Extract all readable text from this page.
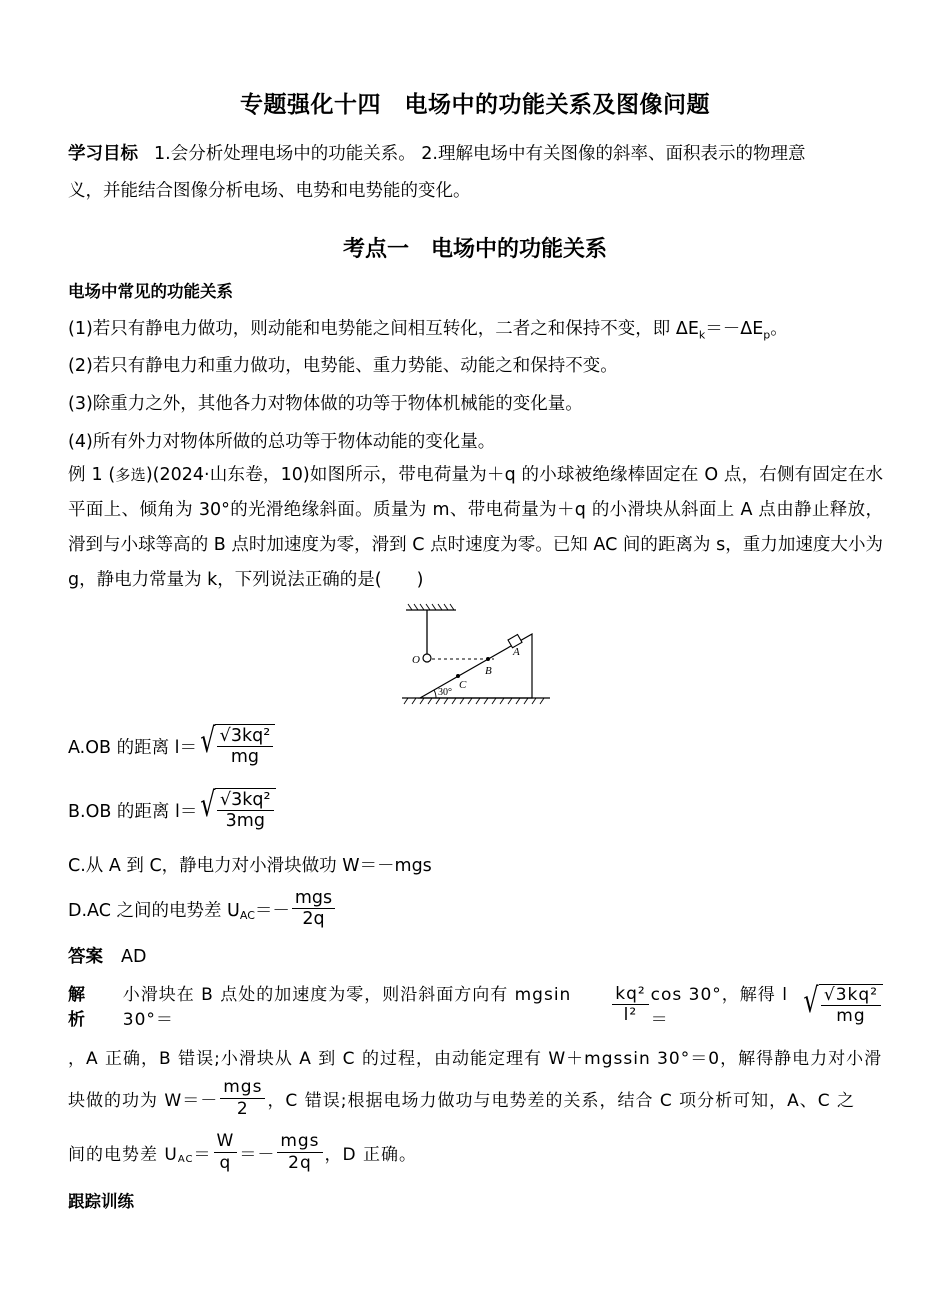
专题强化十四　电场中的功能关系及图像问题
学习目标 1.会分析处理电场中的功能关系。 2.理解电场中有关图像的斜率、面积表示的物理意
义，并能结合图像分析电场、电势和电势能的变化。
考点一　电场中的功能关系
电场中常见的功能关系
(1)若只有静电力做功，则动能和电势能之间相互转化，二者之和保持不变，即 $\Delta E_k=-\Delta E_p$。
(2)若只有静电力和重力做功，电势能、重力势能、动能之和保持不变。
(3)除重力之外，其他各力对物体做的功等于物体机械能的变化量。
(4)所有外力对物体所做的总功等于物体动能的变化量。
例 1 (多选)(2024·山东卷，10)如图所示，带电荷量为＋q 的小球被绝缘棒固定在 O 点，右侧有固定在水平面上、倾角为 30°的光滑绝缘斜面。质量为 m、带电荷量为＋q 的小滑块从斜面上 A 点由静止释放，滑到与小球等高的 B 点时加速度为零，滑到 C 点时速度为零。已知 AC 间的距离为 s，重力加速度大小为 g，静电力常量为 k，下列说法正确的是(　　)
O
A
B
C
30°
A.OB 的距离 l＝ √ $\frac{\text{√3kq²}}{mg}$
B.OB 的距离 l＝ √ $\frac{\text{√3kq²}}{3mg}$
C.从 A 到 C，静电力对小滑块做功 W＝－mgs
D.AC 之间的电势差 $U_{AC} =- \frac{\text{mgs}}{2q}$
答案 AD
解析
小滑块在 B 点处的加速度为零，则沿斜面方向有 mgsin 30°＝	$\frac{\text{kq²}}{\text{l²}}$ cos 30°，解得 l＝	√ $\frac{\text{√3kq²}}{mg}$
，A 正确，B 错误;小滑块从 A 到 C 的过程，由动能定理有 W＋mgssin 30°＝0，解得静电力对小滑
块做的功为 $W=- \frac{\text{mgs}}{2}$ ，C 错误;根据电场力做功与电势差的关系，结合 C 项分析可知，A、C 之
间的电势差 $U_{AC} = \frac{W}{q} =- \frac{\text{mgs}}{2q}$ ，D 正确。
跟踪训练
